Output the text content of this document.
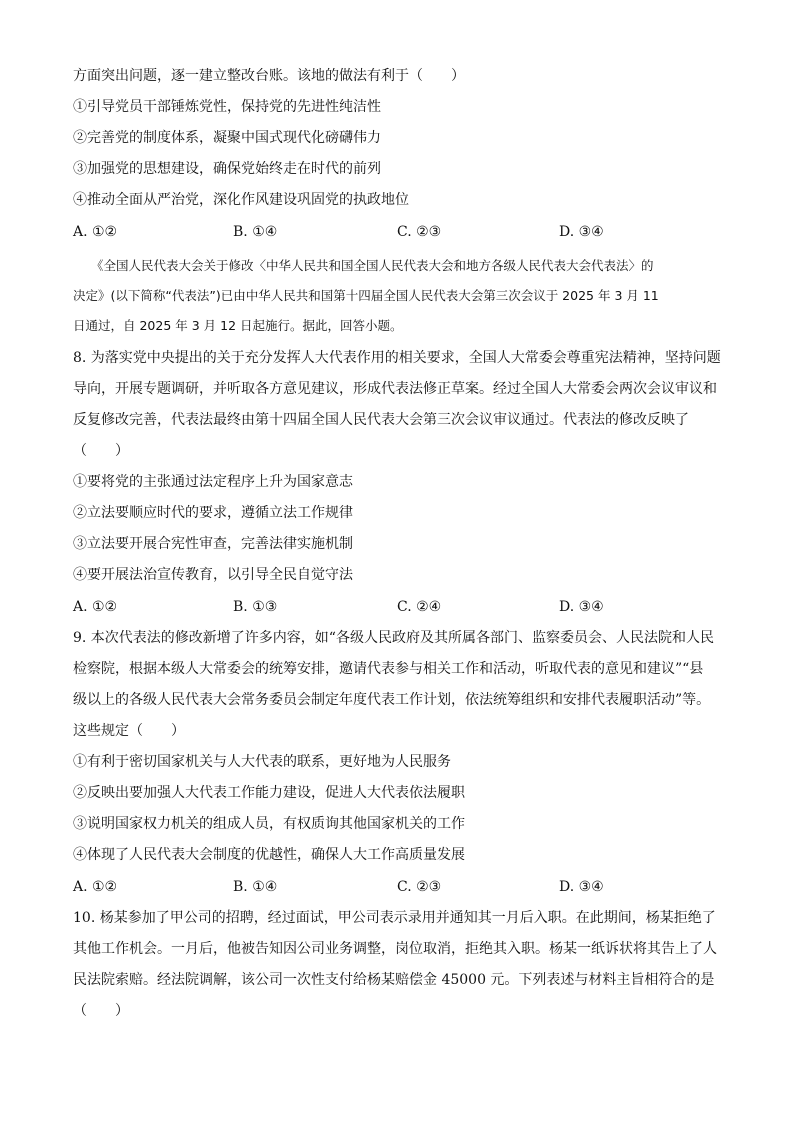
方面突出问题，逐一建立整改台账。该地的做法有利于（　　）
①引导党员干部锤炼党性，保持党的先进性纯洁性
②完善党的制度体系，凝聚中国式现代化磅礴伟力
③加强党的思想建设，确保党始终走在时代的前列
④推动全面从严治党，深化作风建设巩固党的执政地位
A. ①②	B. ①④	C. ②③	D. ③④
《全国人民代表大会关于修改〈中华人民共和国全国人民代表大会和地方各级人民代表大会代表法〉的
决定》(以下简称“代表法”)已由中华人民共和国第十四届全国人民代表大会第三次会议于 2025 年 3 月 11
日通过，自 2025 年 3 月 12 日起施行。据此，回答小题。
8. 为落实党中央提出的关于充分发挥人大代表作用的相关要求，全国人大常委会尊重宪法精神，坚持问题
导向，开展专题调研，并听取各方意见建议，形成代表法修正草案。经过全国人大常委会两次会议审议和
反复修改完善，代表法最终由第十四届全国人民代表大会第三次会议审议通过。代表法的修改反映了
（　　）
①要将党的主张通过法定程序上升为国家意志
②立法要顺应时代的要求，遵循立法工作规律
③立法要开展合宪性审查，完善法律实施机制
④要开展法治宣传教育，以引导全民自觉守法
A. ①②	B. ①③	C. ②④	D. ③④
9. 本次代表法的修改新增了许多内容，如“各级人民政府及其所属各部门、监察委员会、人民法院和人民
检察院，根据本级人大常委会的统筹安排，邀请代表参与相关工作和活动，听取代表的意见和建议”“县
级以上的各级人民代表大会常务委员会制定年度代表工作计划，依法统筹组织和安排代表履职活动”等。
这些规定（　　）
①有利于密切国家机关与人大代表的联系，更好地为人民服务
②反映出要加强人大代表工作能力建设，促进人大代表依法履职
③说明国家权力机关的组成人员，有权质询其他国家机关的工作
④体现了人民代表大会制度的优越性，确保人大工作高质量发展
A. ①②	B. ①④	C. ②③	D. ③④
10. 杨某参加了甲公司的招聘，经过面试，甲公司表示录用并通知其一月后入职。在此期间，杨某拒绝了
其他工作机会。一月后，他被告知因公司业务调整，岗位取消，拒绝其入职。杨某一纸诉状将其告上了人
民法院索赔。经法院调解，该公司一次性支付给杨某赔偿金 45000 元。下列表述与材料主旨相符合的是
（　　）
